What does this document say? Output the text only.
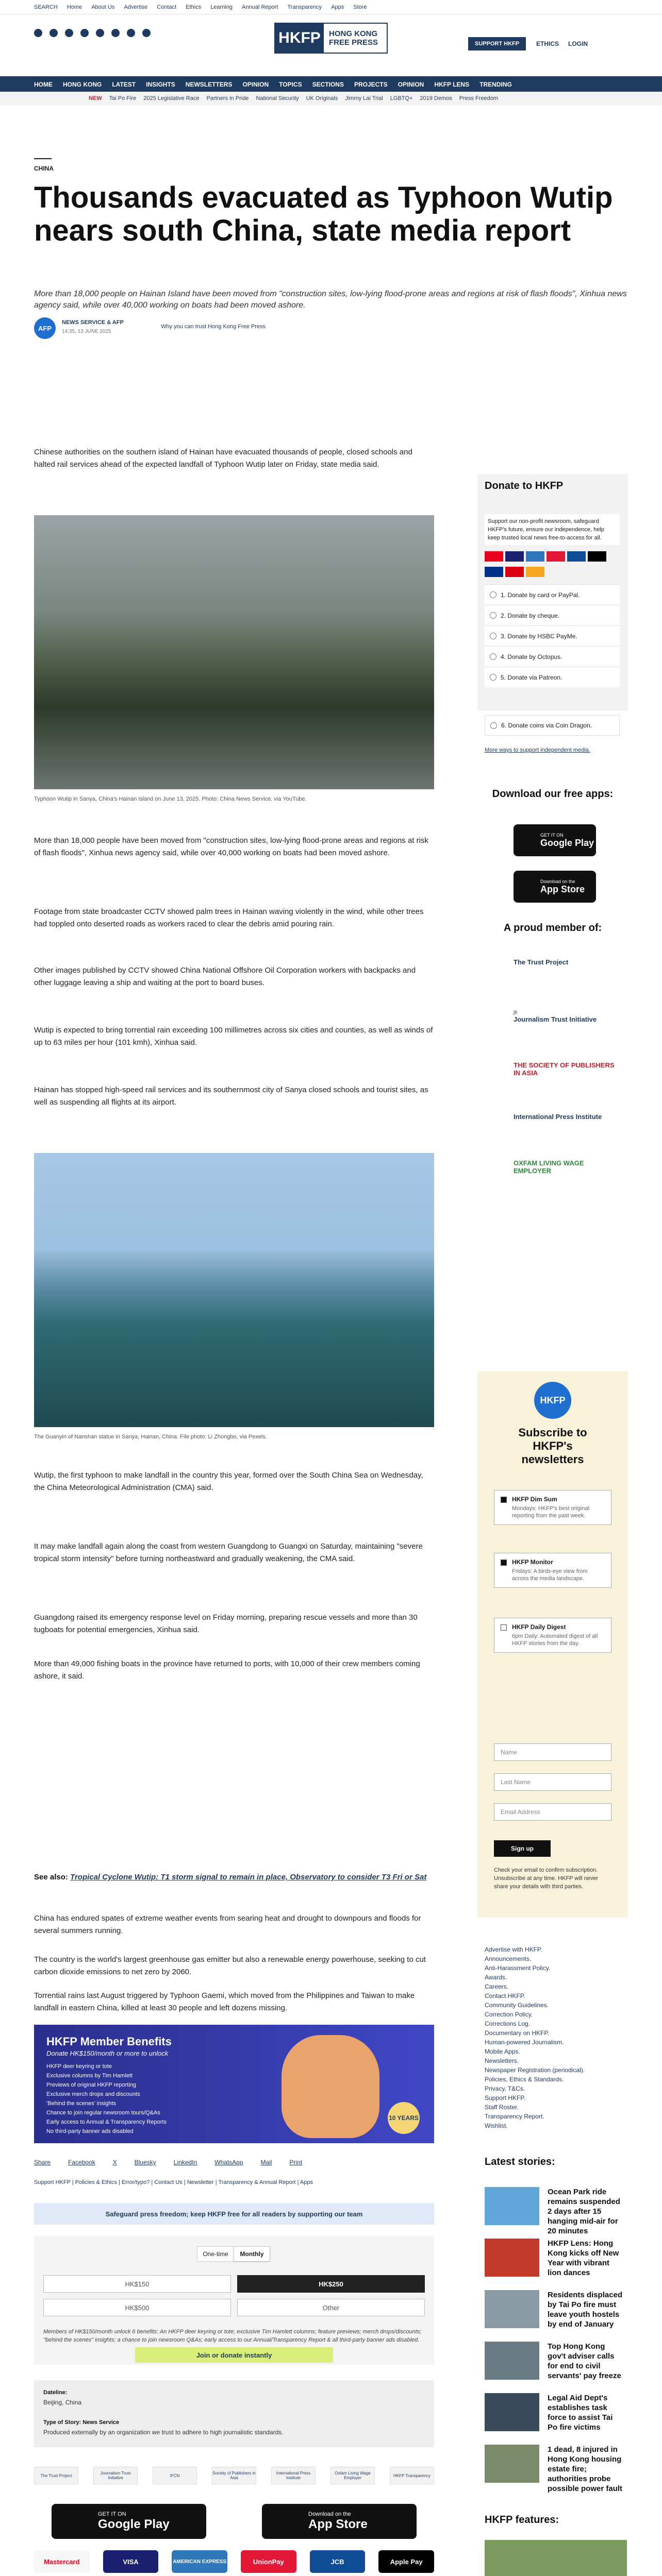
SEARCH Home About Us Advertise Contact Ethics Learning Annual Report Transparency Apps Store
HKFP	HONG KONG
FREE PRESS	SUPPORT HKFP	ETHICS LOGIN
HOME HONG KONG LATEST INSIGHTS NEWSLETTERS OPINION TOPICS SECTIONS PROJECTS OPINION HKFP LENS TRENDING
NEW Tai Po Fire 2025 Legislative Race Partners in Pride National Security UK Originals Jimmy Lai Trial LGBTQ+ 2019 Demos Press Freedom
CHINA
Thousands evacuated as Typhoon Wutip nears south China, state media report
More than 18,000 people on Hainan Island have been moved from "construction sites, low-lying flood-prone areas and regions at risk of flash floods", Xinhua news agency said, while over 40,000 working on boats had been moved ashore.
AFP
NEWS SERVICE & AFP
14:35, 13 JUNE 2025
Why you can trust Hong Kong Free Press

Chinese authorities on the southern island of Hainan have evacuated thousands of people, closed schools and halted rail services ahead of the expected landfall of Typhoon Wutip later on Friday, state media said.

Typhoon Wutip in Sanya, China's Hainan island on June 13, 2025. Photo: China News Service, via YouTube.

More than 18,000 people have been moved from "construction sites, low-lying flood-prone areas and regions at risk of flash floods", Xinhua news agency said, while over 40,000 working on boats had been moved ashore.

Footage from state broadcaster CCTV showed palm trees in Hainan waving violently in the wind, while other trees had toppled onto deserted roads as workers raced to clear the debris amid pouring rain.

Other images published by CCTV showed China National Offshore Oil Corporation workers with backpacks and other luggage leaving a ship and waiting at the port to board buses.

Wutip is expected to bring torrential rain exceeding 100 millimetres across six cities and counties, as well as winds of up to 63 miles per hour (101 kmh), Xinhua said.

Hainan has stopped high-speed rail services and its southernmost city of Sanya closed schools and tourist sites, as well as suspending all flights at its airport.

The Guanyin of Nanshan statue in Sanya, Hainan, China. File photo: Li Zhongbo, via Pexels.

Wutip, the first typhoon to make landfall in the country this year, formed over the South China Sea on Wednesday, the China Meteorological Administration (CMA) said.

It may make landfall again along the coast from western Guangdong to Guangxi on Saturday, maintaining "severe tropical storm intensity" before turning northeastward and gradually weakening, the CMA said.

Guangdong raised its emergency response level on Friday morning, preparing rescue vessels and more than 30 tugboats for potential emergencies, Xinhua said.

More than 49,000 fishing boats in the province have returned to ports, with 10,000 of their crew members coming ashore, it said.

See also: Tropical Cyclone Wutip: T1 storm signal to remain in place, Observatory to consider T3 Fri or Sat

China has endured spates of extreme weather events from searing heat and drought to downpours and floods for several summers running.

The country is the world's largest greenhouse gas emitter but also a renewable energy powerhouse, seeking to cut carbon dioxide emissions to net zero by 2060.

HKFP Member Benefits
Donate HK$150/month or more to unlock
HKFP deer keyring or tote
Exclusive columns by Tim Hamlett
Previews of original HKFP reporting
Exclusive merch drops and discounts
'Behind the scenes' insights
Chance to join regular newsroom tours/Q&As
Early access to Annual & Transparency Reports
No third-party banner ads disabled
10 YEARS
Share	Facebook	X	Bluesky	LinkedIn	WhatsApp	Mail	Print
Support HKFP | Policies & Ethics | Error/typo? | Contact Us | Newsletter | Transparency & Annual Report | Apps
Safeguard press freedom; keep HKFP free for all readers by supporting our team
One-time	Monthly
HK$150	HK$250
HK$500	Other
Members of HK$150/month unlock 6 benefits: An HKFP deer keyring or tote; exclusive Tim Hamlett columns; feature previews; merch drops/discounts; "behind the scenes" insights; a chance to join newsroom Q&As; early access to our Annual/Transparency Report & all third-party banner ads disabled.
Join or donate instantly
Dateline:
Beijing, China
Type of Story: News Service
Produced externally by an organization we trust to adhere to high journalistic standards.
The Trust Project	Journalism Trust Initiative	IFCN	Society of Publishers in Asia
International Press Institute
Oxfam Living Wage Employer	HKFP Transparency
GET IT ON
Google Play
Download on the
App Store
Mastercard	VISA	AMERICAN EXPRESS	UnionPay	JCB	Apple Pay
Donate to HKFP
Support our non-profit newsroom, safeguard HKFP's future, ensure our independence, help keep trusted local news free-to-access for all.
1. Donate by card or PayPal.
2. Donate by cheque.
3. Donate by HSBC PayMe.
4. Donate by Octopus.
5. Donate via Patreon.
6. Donate coins via Coin Dragon.
More ways to support independent media.
Download our free apps:
GET IT ON
Google Play
Download on the
App Store
A proud member of:
The Trust Project
jti
Journalism Trust Initiative
THE SOCIETY OF PUBLISHERS IN ASIA
International Press Institute
OXFAM LIVING WAGE EMPLOYER
HKFP
Subscribe to HKFP's newsletters
HKFP Dim Sum

Mondays: HKFP's best original reporting from the past week.

HKFP Monitor

Fridays: A birds-eye view from across the media landscape.

HKFP Daily Digest

6pm Daily: Automated digest of all HKFP stories from the day.

Name
Last Name
Email Address
Sign up
Check your email to confirm subscription. Unsubscribe at any time. HKFP will never share your details with third parties.
Advertise with HKFP.
Announcements.
Anti-Harassment Policy.
Awards.
Careers.
Contact HKFP.
Community Guidelines.
Correction Policy.
Corrections Log.
Documentary on HKFP.
Human-powered Journalism.
Mobile Apps.
Newsletters.
Newspaper Registration (periodical).
Policies, Ethics & Standards.
Privacy, T&Cs.
Support HKFP.
Staff Roster.
Transparency Report.
Wishlist.
Latest stories:
Ocean Park ride remains suspended 2 days after 15 hanging mid-air for 20 minutes
HKFP Lens: Hong Kong kicks off New Year with vibrant lion dances
Residents displaced by Tai Po fire must leave youth hostels by end of January
Top Hong Kong gov't adviser calls for end to civil servants' pay freeze
Legal Aid Dept's establishes task force to assist Tai Po fire victims
1 dead, 8 injured in Hong Kong housing estate fire; authorities probe possible power fault
HKFP features:

Torrential rains last August triggered by Typhoon Gaemi, which moved from the Philippines and Taiwan to make landfall in eastern China, killed at least 30 people and left dozens missing.
